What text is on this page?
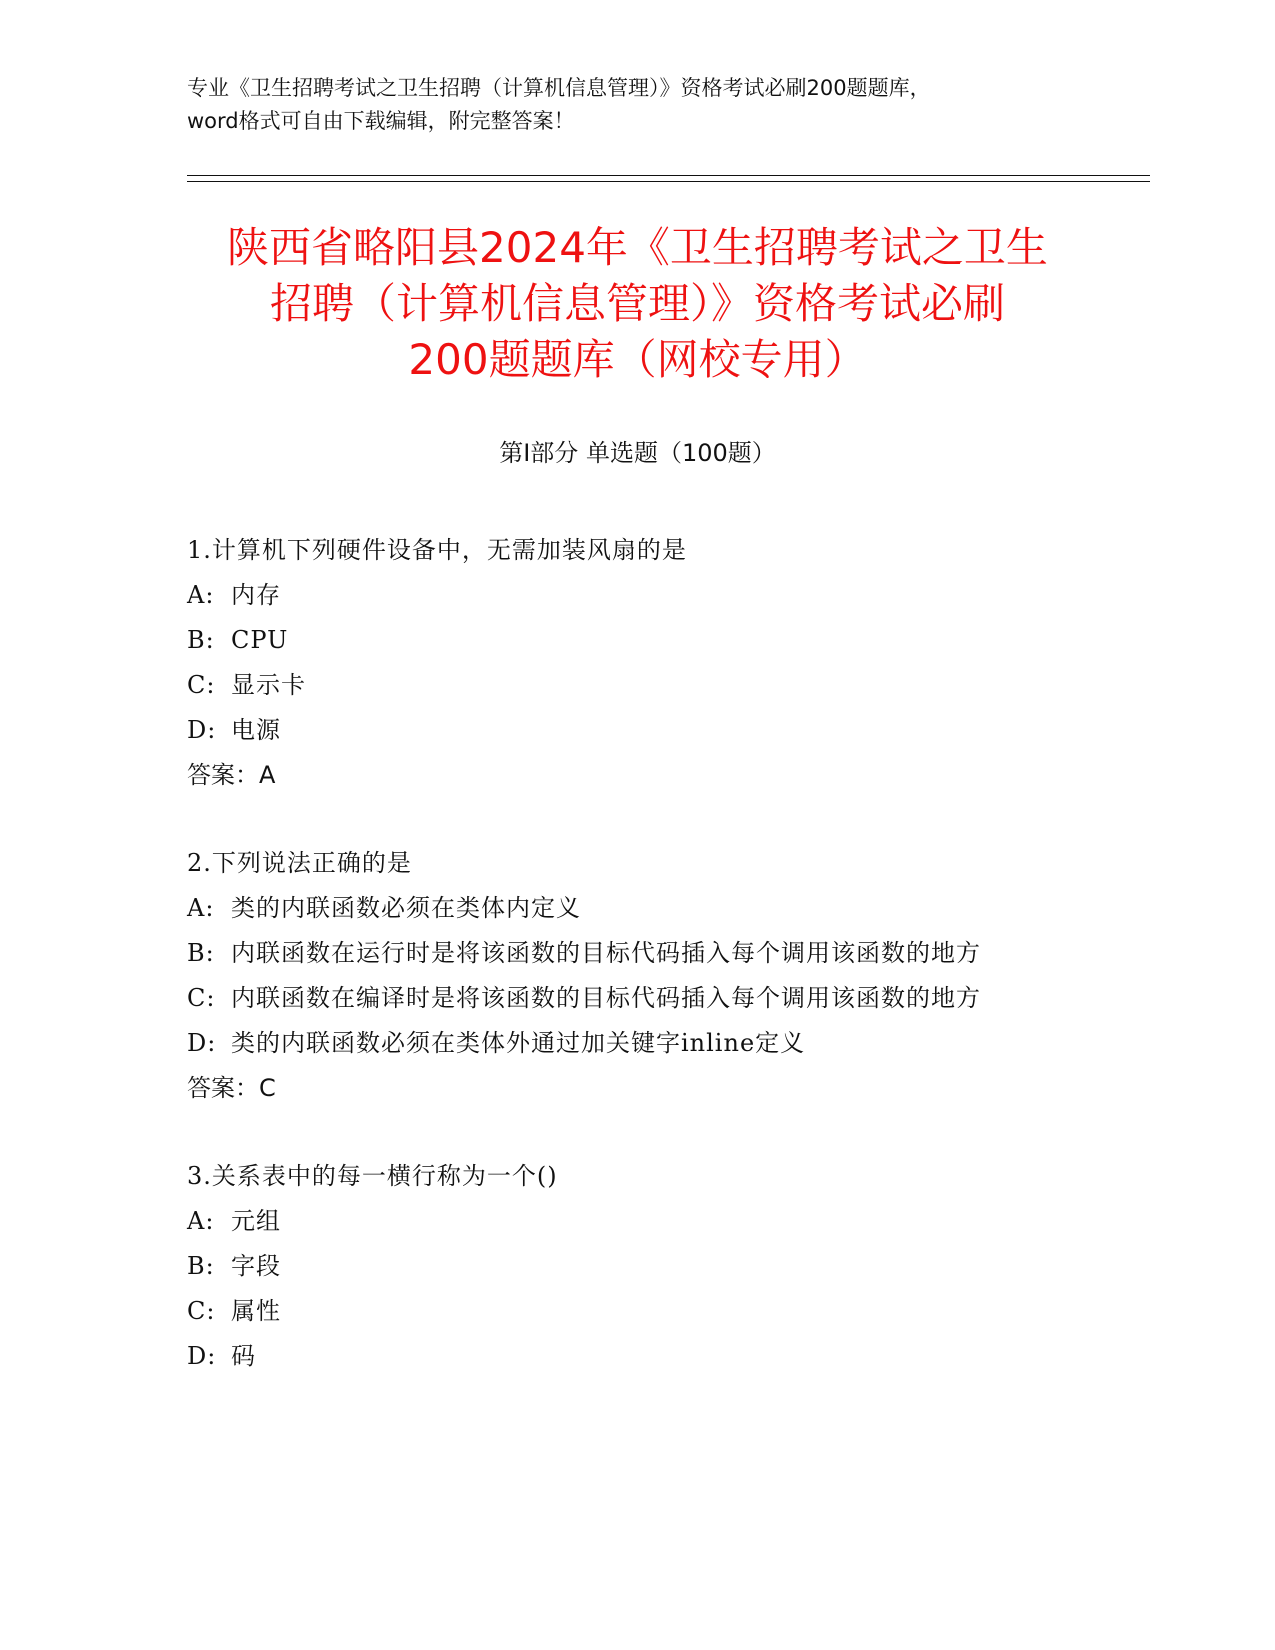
专业《卫生招聘考试之卫生招聘（计算机信息管理）》资格考试必刷200题题库，
word格式可自由下载编辑，附完整答案！
陕西省略阳县2024年《卫生招聘考试之卫生
招聘（计算机信息管理）》资格考试必刷
200题题库（网校专用）
第Ⅰ部分 单选题（100题）
1.计算机下列硬件设备中，无需加装风扇的是
A: 内存
B: CPU
C: 显示卡
D: 电源
答案：A
2.下列说法正确的是
A: 类的内联函数必须在类体内定义
B: 内联函数在运行时是将该函数的目标代码插入每个调用该函数的地方
C: 内联函数在编译时是将该函数的目标代码插入每个调用该函数的地方
D: 类的内联函数必须在类体外通过加关键字inline定义
答案：C
3.关系表中的每一横行称为一个()
A: 元组
B: 字段
C: 属性
D: 码
